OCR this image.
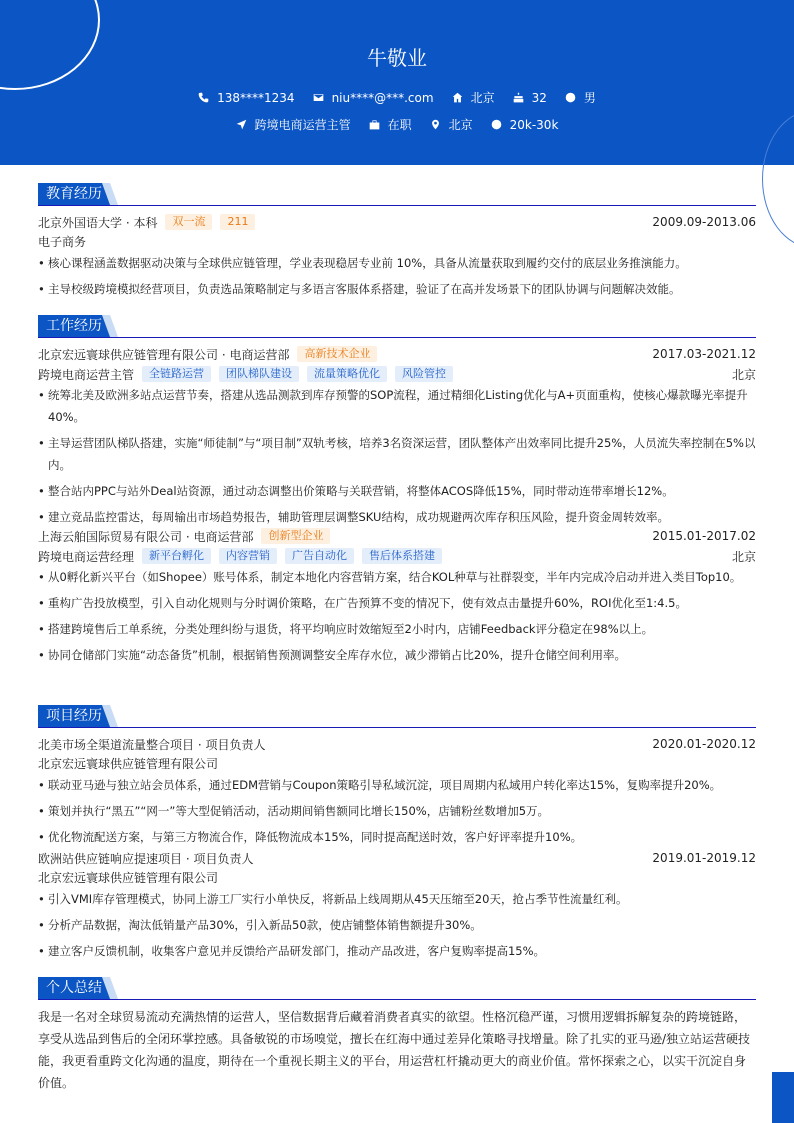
牛敬业
138****1234	niu****@***.com	北京	32	男
跨境电商运营主管	在职	北京	20k-30k
教育经历
北京外国语大学 · 本科	双一流	211	2009.09-2013.06
电子商务
• 核心课程涵盖数据驱动决策与全球供应链管理，学业表现稳居专业前 10%，具备从流量获取到履约交付的底层业务推演能力。
• 主导校级跨境模拟经营项目，负责选品策略制定与多语言客服体系搭建，验证了在高并发场景下的团队协调与问题解决效能。
工作经历
北京宏远寰球供应链管理有限公司 · 电商运营部	高新技术企业	2017.03-2021.12
跨境电商运营主管	全链路运营	团队梯队建设	流量策略优化	风险管控	北京
• 统筹北美及欧洲多站点运营节奏，搭建从选品测款到库存预警的SOP流程，通过精细化Listing优化与A+页面重构，使核心爆款曝光率提升40%。
• 主导运营团队梯队搭建，实施“师徒制”与“项目制”双轨考核，培养3名资深运营，团队整体产出效率同比提升25%，人员流失率控制在5%以内。
• 整合站内PPC与站外Deal站资源，通过动态调整出价策略与关联营销，将整体ACOS降低15%，同时带动连带率增长12%。
• 建立竞品监控雷达，每周输出市场趋势报告，辅助管理层调整SKU结构，成功规避两次库存积压风险，提升资金周转效率。
上海云舶国际贸易有限公司 · 电商运营部	创新型企业	2015.01-2017.02
跨境电商运营经理	新平台孵化	内容营销	广告自动化	售后体系搭建	北京
• 从0孵化新兴平台（如Shopee）账号体系，制定本地化内容营销方案，结合KOL种草与社群裂变，半年内完成冷启动并进入类目Top10。
• 重构广告投放模型，引入自动化规则与分时调价策略，在广告预算不变的情况下，使有效点击量提升60%，ROI优化至1:4.5。
• 搭建跨境售后工单系统，分类处理纠纷与退货，将平均响应时效缩短至2小时内，店铺Feedback评分稳定在98%以上。
• 协同仓储部门实施“动态备货”机制，根据销售预测调整安全库存水位，减少滞销占比20%，提升仓储空间利用率。
项目经历
北美市场全渠道流量整合项目 · 项目负责人	2020.01-2020.12
北京宏远寰球供应链管理有限公司
• 联动亚马逊与独立站会员体系，通过EDM营销与Coupon策略引导私域沉淀，项目周期内私域用户转化率达15%，复购率提升20%。
• 策划并执行“黑五”“网一”等大型促销活动，活动期间销售额同比增长150%，店铺粉丝数增加5万。
• 优化物流配送方案，与第三方物流合作，降低物流成本15%，同时提高配送时效，客户好评率提升10%。
欧洲站供应链响应提速项目 · 项目负责人	2019.01-2019.12
北京宏远寰球供应链管理有限公司
• 引入VMI库存管理模式，协同上游工厂实行小单快反，将新品上线周期从45天压缩至20天，抢占季节性流量红利。
• 分析产品数据，淘汰低销量产品30%，引入新品50款，使店铺整体销售额提升30%。
• 建立客户反馈机制，收集客户意见并反馈给产品研发部门，推动产品改进，客户复购率提高15%。
个人总结
我是一名对全球贸易流动充满热情的运营人，坚信数据背后藏着消费者真实的欲望。性格沉稳严谨，习惯用逻辑拆解复杂的跨境链路，享受从选品到售后的全闭环掌控感。具备敏锐的市场嗅觉，擅长在红海中通过差异化策略寻找增量。除了扎实的亚马逊/独立站运营硬技能，我更看重跨文化沟通的温度，期待在一个重视长期主义的平台，用运营杠杆撬动更大的商业价值。常怀探索之心，以实干沉淀自身价值。
